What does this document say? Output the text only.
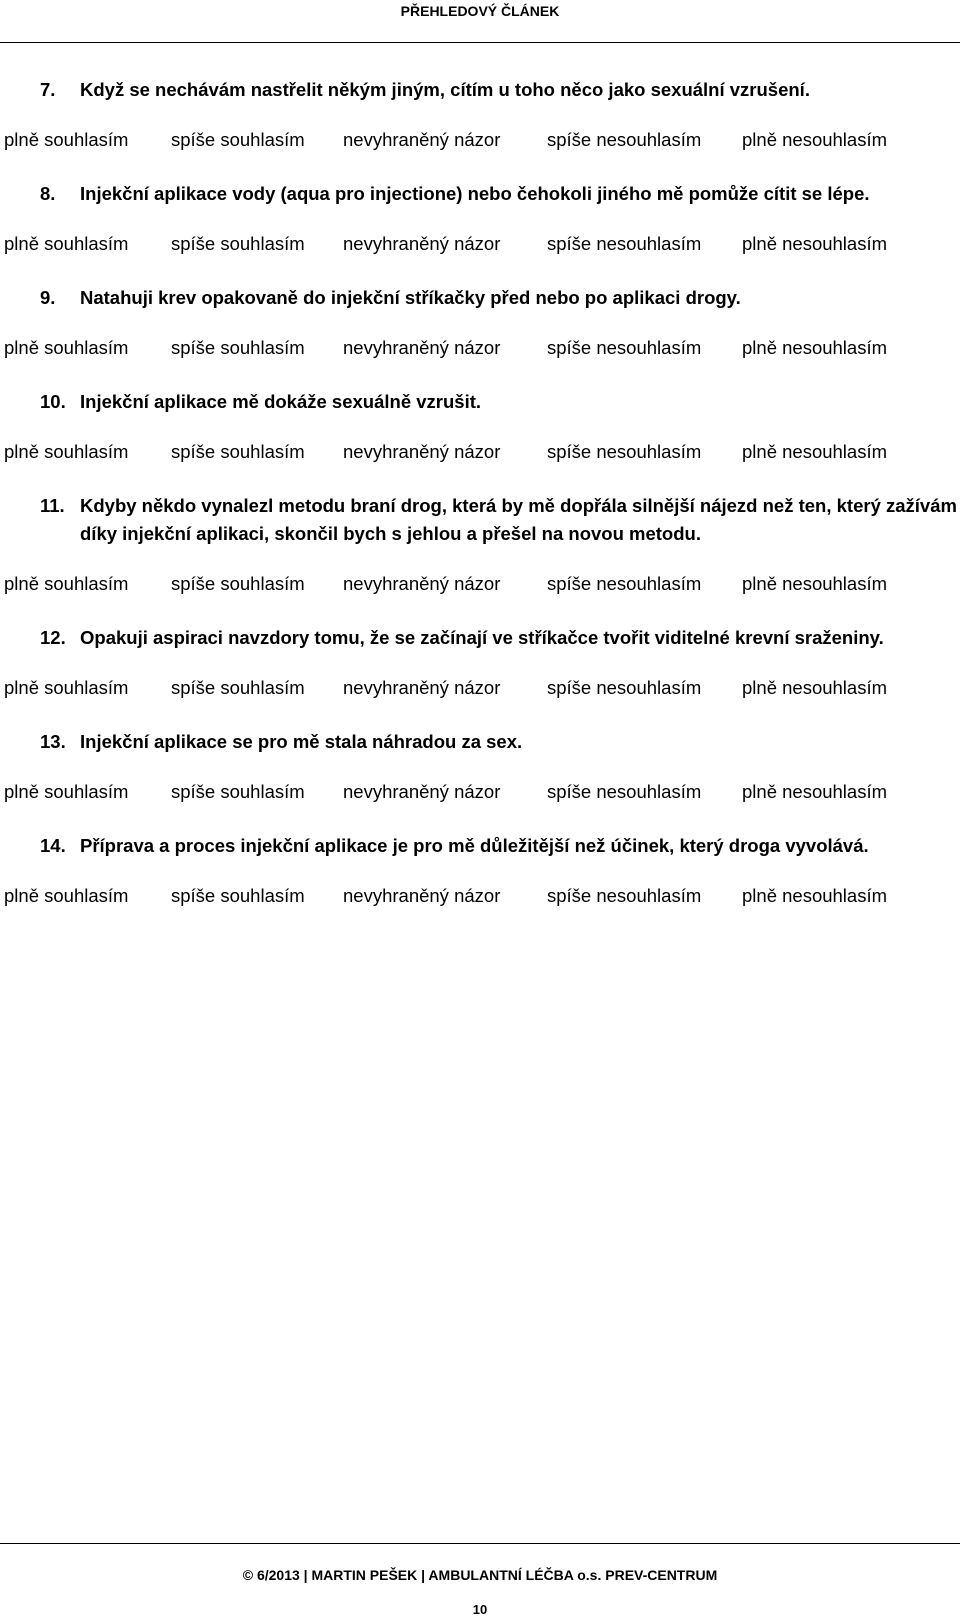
PŘEHLEDOVÝ ČLÁNEK

7. Když se nechávám nastřelit někým jiným, cítím u toho něco jako sexuální vzrušení.

plně souhlasím	spíše souhlasím	nevyhraněný názor	spíše nesouhlasím	plně nesouhlasím

8. Injekční aplikace vody (aqua pro injectione) nebo čehokoli jiného mě pomůže cítit se lépe.

plně souhlasím	spíše souhlasím	nevyhraněný názor	spíše nesouhlasím	plně nesouhlasím

9. Natahuji krev opakovaně do injekční stříkačky před nebo po aplikaci drogy.

plně souhlasím	spíše souhlasím	nevyhraněný názor	spíše nesouhlasím	plně nesouhlasím

10. Injekční aplikace mě dokáže sexuálně vzrušit.

plně souhlasím	spíše souhlasím	nevyhraněný názor	spíše nesouhlasím	plně nesouhlasím

11. Kdyby někdo vynalezl metodu braní drog, která by mě dopřála silnější nájezd než ten, který zažívám díky injekční aplikaci, skončil bych s jehlou a přešel na novou metodu.

plně souhlasím	spíše souhlasím	nevyhraněný názor	spíše nesouhlasím	plně nesouhlasím

12. Opakuji aspiraci navzdory tomu, že se začínají ve stříkačce tvořit viditelné krevní sraženiny.

plně souhlasím	spíše souhlasím	nevyhraněný názor	spíše nesouhlasím	plně nesouhlasím

13. Injekční aplikace se pro mě stala náhradou za sex.

plně souhlasím	spíše souhlasím	nevyhraněný názor	spíše nesouhlasím	plně nesouhlasím

14. Příprava a proces injekční aplikace je pro mě důležitější než účinek, který droga vyvolává.

plně souhlasím	spíše souhlasím	nevyhraněný názor	spíše nesouhlasím	plně nesouhlasím
© 6/2013 | MARTIN PEŠEK | AMBULANTNÍ LÉČBA o.s. PREV-CENTRUM
10
